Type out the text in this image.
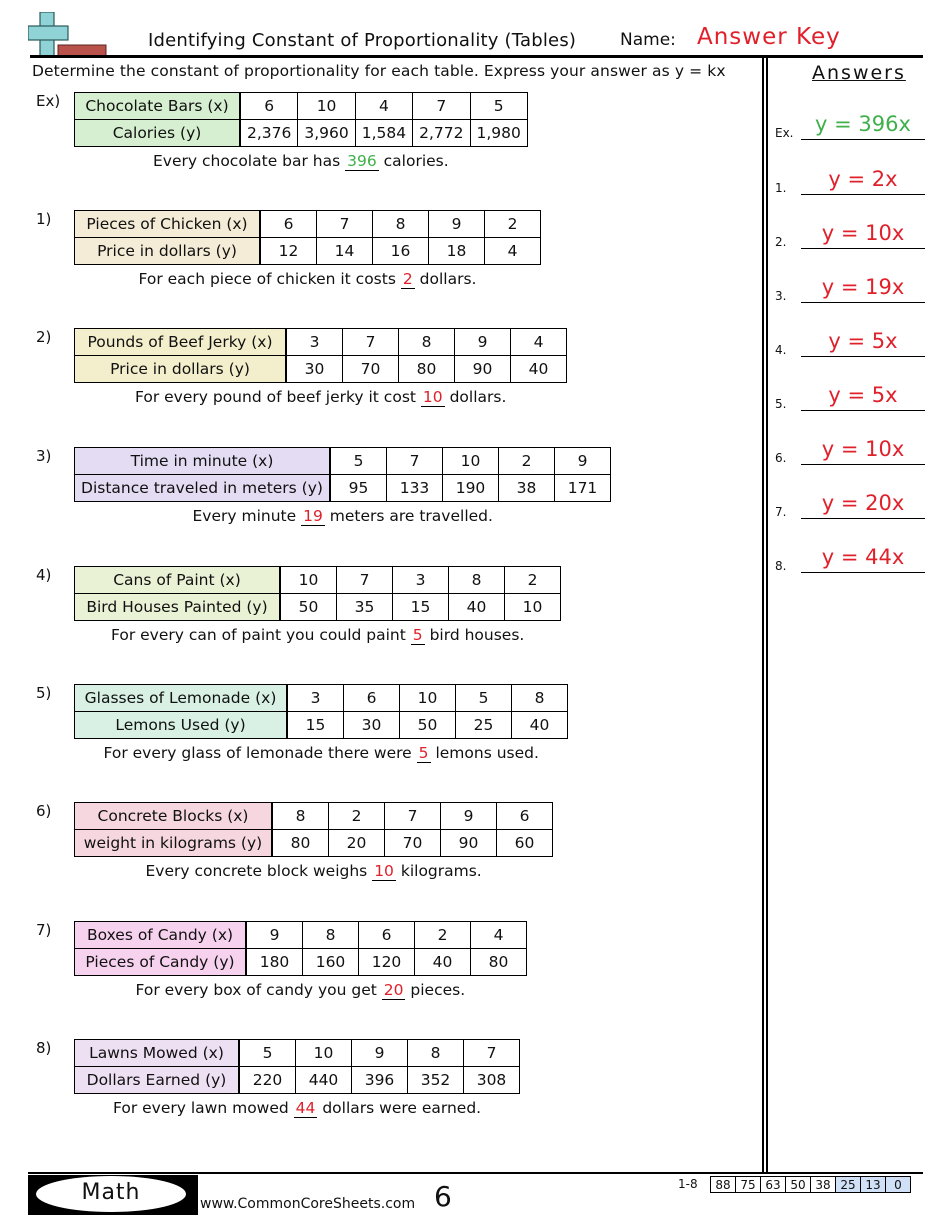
Identifying Constant of Proportionality (Tables)	Name: Answer Key
Determine the constant of proportionality for each table. Express your answer as y = kx	Answers
Ex) Chocolate Bars (x)	6	10	4	7	5
Calories (y)	2,376	3,960	1,584	2,772	1,980
Every chocolate bar has 396 calories.
1) Pieces of Chicken (x)	6	7	8	9	2
Price in dollars (y)	12	14	16	18	4
For each piece of chicken it costs 2 dollars.
2) Pounds of Beef Jerky (x)	3	7	8	9	4
Price in dollars (y)	30	70	80	90	40
For every pound of beef jerky it cost 10 dollars.
3)	Time in minute (x)	5	7	10	2	9
Distance traveled in meters (y)	95	133	190	38	171
Every minute 19 meters are travelled.
4)	Cans of Paint (x)	10	7	3	8	2
Bird Houses Painted (y)	50	35	15	40	10
For every can of paint you could paint 5 bird houses.
5) Glasses of Lemonade (x)	3	6	10	5	8
Lemons Used (y)	15	30	50	25	40
For every glass of lemonade there were 5 lemons used.
6)	Concrete Blocks (x)	8	2	7	9	6
weight in kilograms (y)	80	20	70	90	60
Every concrete block weighs 10 kilograms.
7) Boxes of Candy (x)	9	8	6	2	4
Pieces of Candy (y)	180	160	120	40	80
For every box of candy you get 20 pieces.
8) Lawns Mowed (x)	5	10	9	8	7
Dollars Earned (y)	220	440	396	352	308
For every lawn mowed 44 dollars were earned.
Ex.	y = 396x
1.	y = 2x
2.	y = 10x
3.	y = 19x
4.	y = 5x
5.	y = 5x
6.	y = 10x
7.	y = 20x
8.	y = 44x
Math	www.CommonCoreSheets.com 6	1-8 88	75	63	50	38	25	13	0
